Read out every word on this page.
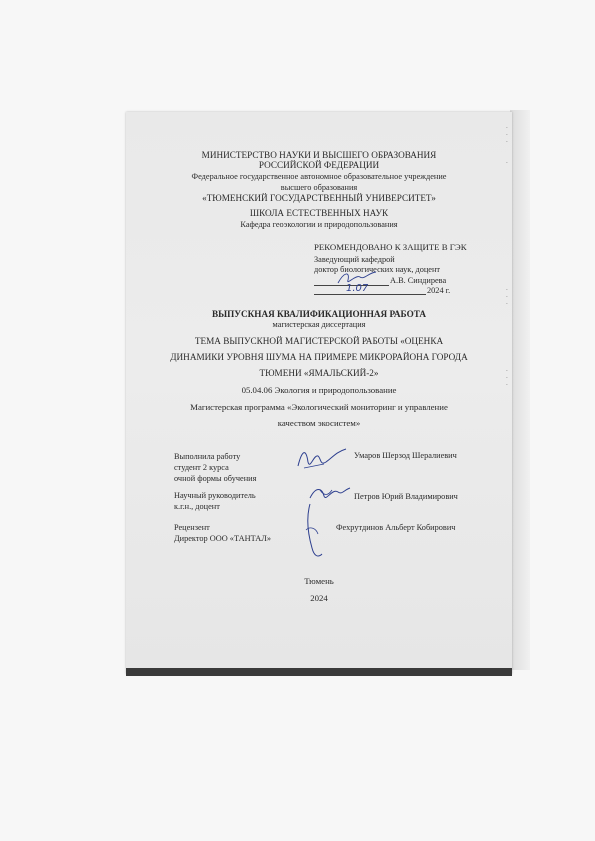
-
-
-
-
-
-
-
-
-
-
МИНИСТЕРСТВО НАУКИ И ВЫСШЕГО ОБРАЗОВАНИЯ
РОССИЙСКОЙ ФЕДЕРАЦИИ
Федеральное государственное автономное образовательное учреждение
высшего образования
«ТЮМЕНСКИЙ ГОСУДАРСТВЕННЫЙ УНИВЕРСИТЕТ»
ШКОЛА ЕСТЕСТВЕННЫХ НАУК
Кафедра геоэкологии и природопользования
РЕКОМЕНДОВАНО К ЗАЩИТЕ В ГЭК
Заведующий кафедрой
доктор биологических наук, доцент
А.В. Синдирева
1.07	2024 г.
ВЫПУСКНАЯ КВАЛИФИКАЦИОННАЯ РАБОТА
магистерская диссертация
ТЕМА ВЫПУСКНОЙ МАГИСТЕРСКОЙ РАБОТЫ «ОЦЕНКА
ДИНАМИКИ УРОВНЯ ШУМА НА ПРИМЕРЕ МИКРОРАЙОНА ГОРОДА
ТЮМЕНИ «ЯМАЛЬСКИЙ-2»
05.04.06 Экология и природопользование
Магистерская программа «Экологический мониторинг и управление
качеством экосистем»
Выполнила работу
студент 2 курса
очной формы обучения
Умаров Шерзод Шералиевич
Научный руководитель
к.г.н., доцент
Петров Юрий Владимирович
Рецензент
Директор ООО «ТАНТАЛ»
Фехрутдинов Альберт Кобирович
Тюмень
2024
